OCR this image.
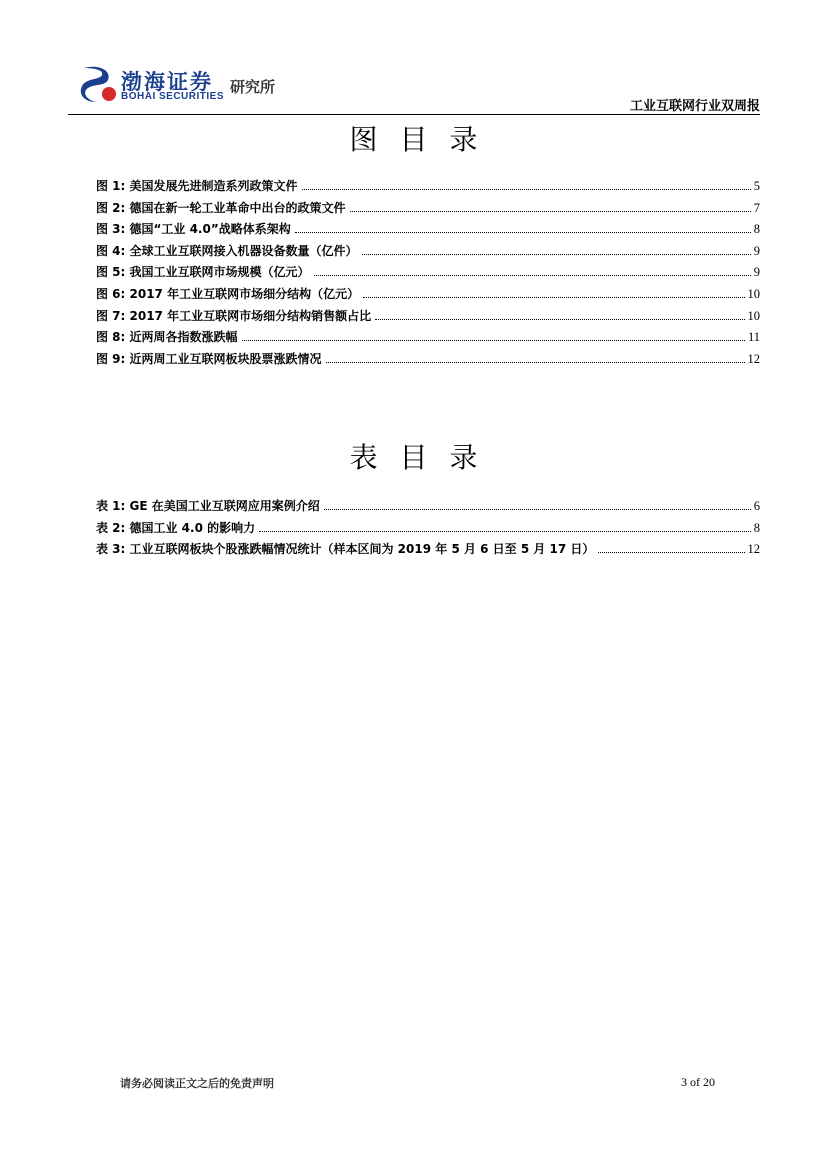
渤海证券
BOHAI SECURITIES
研究所
工业互联网行业双周报
图目录
图 1: 美国发展先进制造系列政策文件	5
图 2: 德国在新一轮工业革命中出台的政策文件	7
图 3: 德国“工业 4.0”战略体系架构	8
图 4: 全球工业互联网接入机器设备数量（亿件）	9
图 5: 我国工业互联网市场规模（亿元）	9
图 6: 2017 年工业互联网市场细分结构（亿元）	10
图 7: 2017 年工业互联网市场细分结构销售额占比	10
图 8: 近两周各指数涨跌幅	11
图 9: 近两周工业互联网板块股票涨跌情况	12
表目录
表 1: GE 在美国工业互联网应用案例介绍	6
表 2: 德国工业 4.0 的影响力	8
表 3: 工业互联网板块个股涨跌幅情况统计（样本区间为 2019 年 5 月 6 日至 5 月 17 日）	12
请务必阅读正文之后的免责声明	3 of 20
